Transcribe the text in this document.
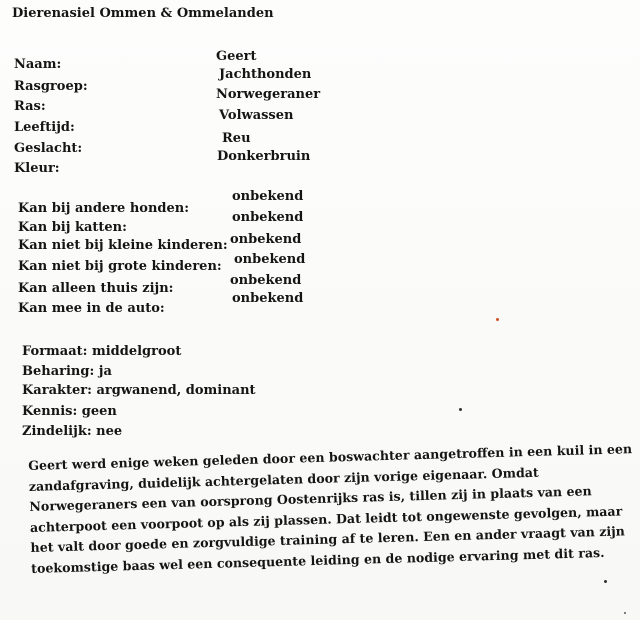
Dierenasiel Ommen & Ommelanden
Naam:
Geert
Rasgroep:
Jachthonden
Ras:
Norwegeraner
Leeftijd:
Volwassen
Geslacht:
Reu
Kleur:
Donkerbruin
Kan bij andere honden:
onbekend
Kan bij katten:
onbekend
Kan niet bij kleine kinderen: onbekend
Kan niet bij grote kinderen: onbekend
Kan alleen thuis zijn:
onbekend
Kan mee in de auto:
onbekend
Formaat: middelgroot
Beharing: ja
Karakter: argwanend, dominant
Kennis: geen
Zindelijk: nee
Geert werd enige weken geleden door een boswachter aangetroffen in een kuil in een zandafgraving, duidelijk achtergelaten door zijn vorige eigenaar. Omdat Norwegeraners een van oorsprong Oostenrijks ras is, tillen zij in plaats van een achterpoot een voorpoot op als zij plassen. Dat leidt tot ongewenste gevolgen, maar het valt door goede en zorgvuldige training af te leren. Een en ander vraagt van zijn toekomstige baas wel een consequente leiding en de nodige ervaring met dit ras.
